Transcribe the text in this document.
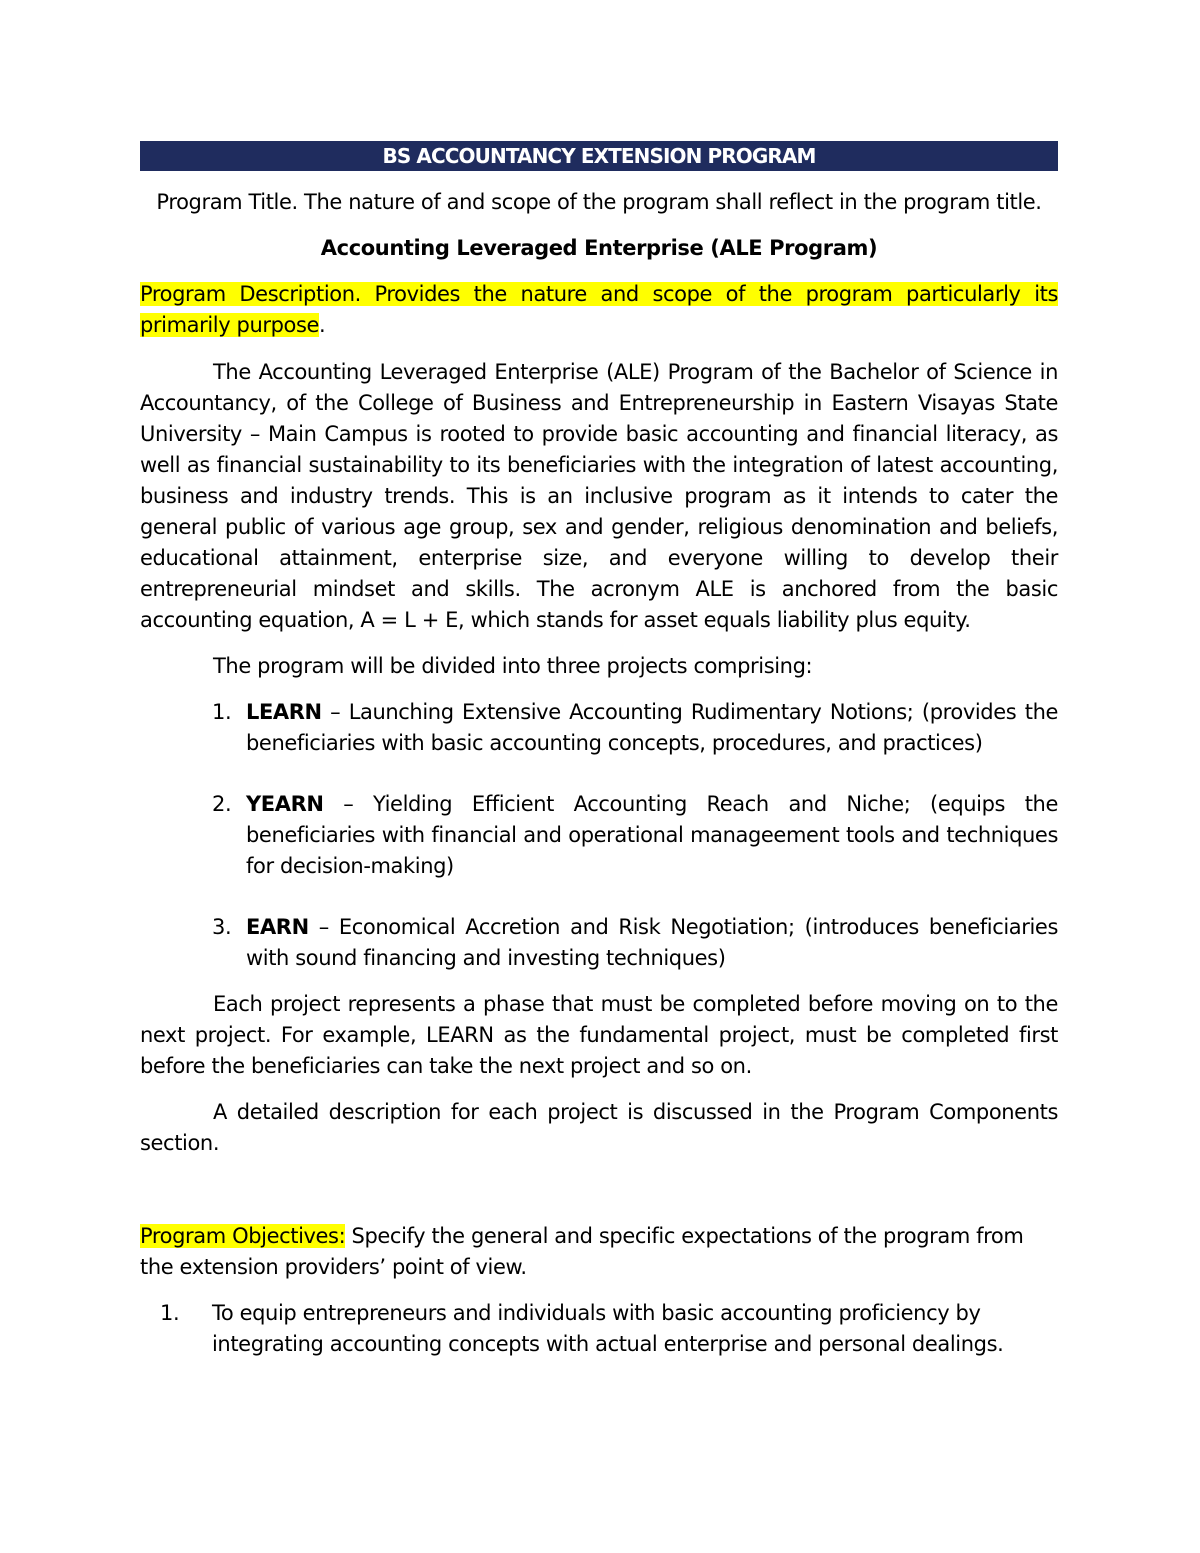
BS ACCOUNTANCY EXTENSION PROGRAM

Program Title. The nature of and scope of the program shall reflect in the program title.

Accounting Leveraged Enterprise (ALE Program)

Program Description. Provides the nature and scope of the program particularly its primarily purpose.

The Accounting Leveraged Enterprise (ALE) Program of the Bachelor of Science in Accountancy, of the College of Business and Entrepreneurship in Eastern Visayas State University – Main Campus is rooted to provide basic accounting and financial literacy, as well as financial sustainability to its beneficiaries with the integration of latest accounting, business and industry trends. This is an inclusive program as it intends to cater the general public of various age group, sex and gender, religious denomination and beliefs, educational attainment, enterprise size, and everyone willing to develop their entrepreneurial mindset and skills. The acronym ALE is anchored from the basic accounting equation, A = L + E, which stands for asset equals liability plus equity.

The program will be divided into three projects comprising:

1. LEARN – Launching Extensive Accounting Rudimentary Notions; (provides the beneficiaries with basic accounting concepts, procedures, and practices)
2. YEARN – Yielding Efficient Accounting Reach and Niche; (equips the beneficiaries with financial and operational manageement tools and techniques for decision-making)
3. EARN – Economical Accretion and Risk Negotiation; (introduces beneficiaries with sound financing and investing techniques)

Each project represents a phase that must be completed before moving on to the next project. For example, LEARN as the fundamental project, must be completed first before the beneficiaries can take the next project and so on.

A detailed description for each project is discussed in the Program Components section.

Program Objectives: Specify the general and specific expectations of the program from the extension providers’ point of view.

1. To equip entrepreneurs and individuals with basic accounting proficiency by integrating accounting concepts with actual enterprise and personal dealings.
